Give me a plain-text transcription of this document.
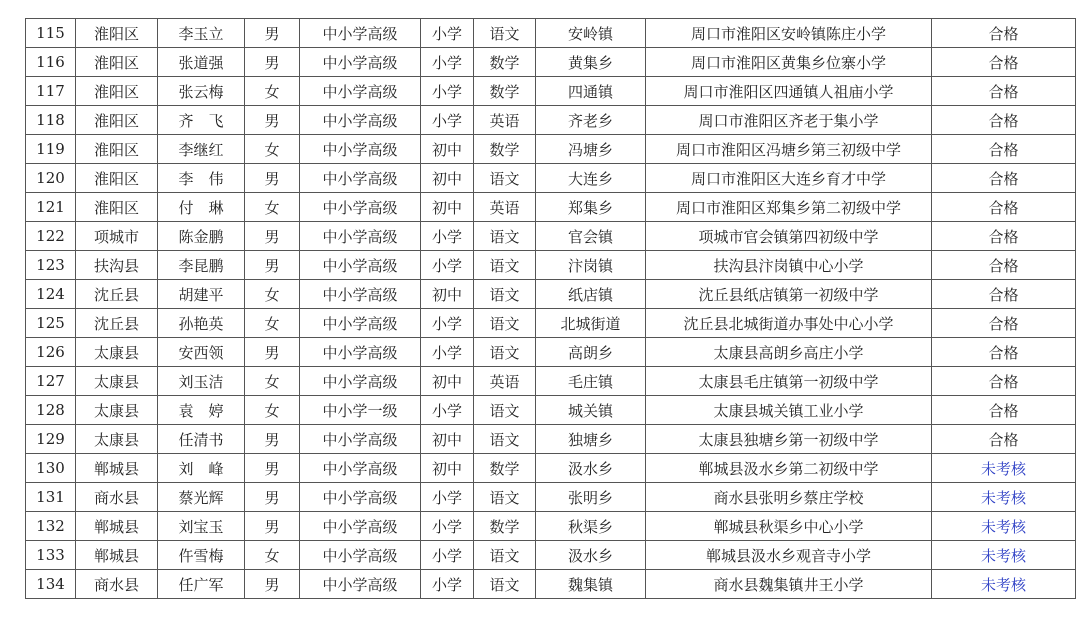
115	淮阳区	李玉立	男	中小学高级	小学	语文	安岭镇	周口市淮阳区安岭镇陈庄小学	合格
116	淮阳区	张道强	男	中小学高级	小学	数学	黄集乡	周口市淮阳区黄集乡位寨小学	合格
117	淮阳区	张云梅	女	中小学高级	小学	数学	四通镇	周口市淮阳区四通镇人祖庙小学	合格
118	淮阳区	齐　飞	男	中小学高级	小学	英语	齐老乡	周口市淮阳区齐老于集小学	合格
119	淮阳区	李继红	女	中小学高级	初中	数学	冯塘乡	周口市淮阳区冯塘乡第三初级中学	合格
120	淮阳区	李　伟	男	中小学高级	初中	语文	大连乡	周口市淮阳区大连乡育才中学	合格
121	淮阳区	付　琳	女	中小学高级	初中	英语	郑集乡	周口市淮阳区郑集乡第二初级中学	合格
122	项城市	陈金鹏	男	中小学高级	小学	语文	官会镇	项城市官会镇第四初级中学	合格
123	扶沟县	李昆鹏	男	中小学高级	小学	语文	汴岗镇	扶沟县汴岗镇中心小学	合格
124	沈丘县	胡建平	女	中小学高级	初中	语文	纸店镇	沈丘县纸店镇第一初级中学	合格
125	沈丘县	孙艳英	女	中小学高级	小学	语文	北城街道	沈丘县北城街道办事处中心小学	合格
126	太康县	安西领	男	中小学高级	小学	语文	高朗乡	太康县高朗乡高庄小学	合格
127	太康县	刘玉洁	女	中小学高级	初中	英语	毛庄镇	太康县毛庄镇第一初级中学	合格
128	太康县	袁　婷	女	中小学一级	小学	语文	城关镇	太康县城关镇工业小学	合格
129	太康县	任清书	男	中小学高级	初中	语文	独塘乡	太康县独塘乡第一初级中学	合格
130	郸城县	刘　峰	男	中小学高级	初中	数学	汲水乡	郸城县汲水乡第二初级中学	未考核
131	商水县	蔡光辉	男	中小学高级	小学	语文	张明乡	商水县张明乡蔡庄学校	未考核
132	郸城县	刘宝玉	男	中小学高级	小学	数学	秋渠乡	郸城县秋渠乡中心小学	未考核
133	郸城县	仵雪梅	女	中小学高级	小学	语文	汲水乡	郸城县汲水乡观音寺小学	未考核
134	商水县	任广军	男	中小学高级	小学	语文	魏集镇	商水县魏集镇井王小学	未考核
